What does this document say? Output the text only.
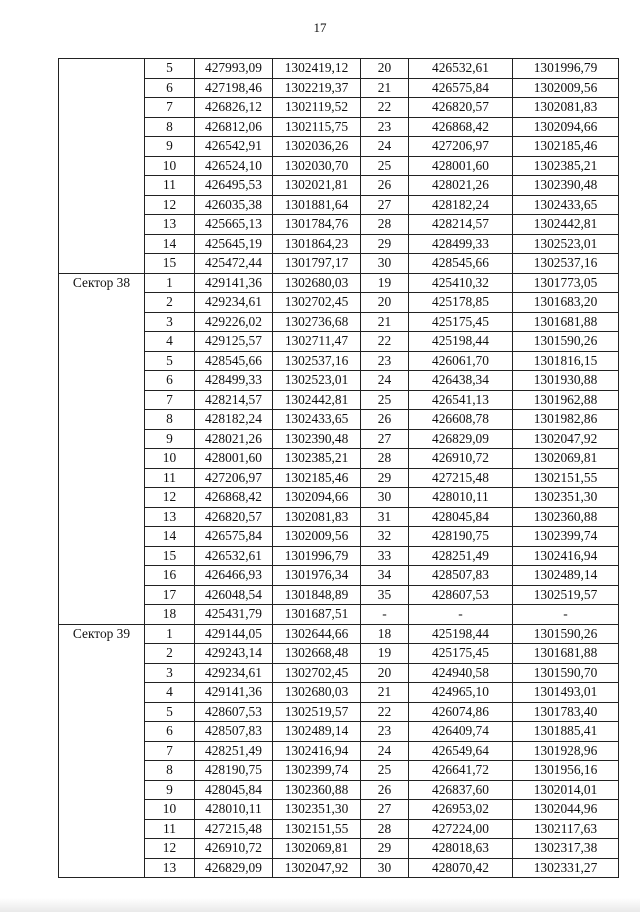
17
	5	427993,09	1302419,12	20	426532,61	1301996,79
	6	427198,46	1302219,37	21	426575,84	1302009,56
	7	426826,12	1302119,52	22	426820,57	1302081,83
	8	426812,06	1302115,75	23	426868,42	1302094,66
	9	426542,91	1302036,26	24	427206,97	1302185,46
	10	426524,10	1302030,70	25	428001,60	1302385,21
	11	426495,53	1302021,81	26	428021,26	1302390,48
	12	426035,38	1301881,64	27	428182,24	1302433,65
	13	425665,13	1301784,76	28	428214,57	1302442,81
	14	425645,19	1301864,23	29	428499,33	1302523,01
	15	425472,44	1301797,17	30	428545,66	1302537,16
Сектор 38	1	429141,36	1302680,03	19	425410,32	1301773,05
	2	429234,61	1302702,45	20	425178,85	1301683,20
	3	429226,02	1302736,68	21	425175,45	1301681,88
	4	429125,57	1302711,47	22	425198,44	1301590,26
	5	428545,66	1302537,16	23	426061,70	1301816,15
	6	428499,33	1302523,01	24	426438,34	1301930,88
	7	428214,57	1302442,81	25	426541,13	1301962,88
	8	428182,24	1302433,65	26	426608,78	1301982,86
	9	428021,26	1302390,48	27	426829,09	1302047,92
	10	428001,60	1302385,21	28	426910,72	1302069,81
	11	427206,97	1302185,46	29	427215,48	1302151,55
	12	426868,42	1302094,66	30	428010,11	1302351,30
	13	426820,57	1302081,83	31	428045,84	1302360,88
	14	426575,84	1302009,56	32	428190,75	1302399,74
	15	426532,61	1301996,79	33	428251,49	1302416,94
	16	426466,93	1301976,34	34	428507,83	1302489,14
	17	426048,54	1301848,89	35	428607,53	1302519,57
	18	425431,79	1301687,51	-	-	-
Сектор 39	1	429144,05	1302644,66	18	425198,44	1301590,26
	2	429243,14	1302668,48	19	425175,45	1301681,88
	3	429234,61	1302702,45	20	424940,58	1301590,70
	4	429141,36	1302680,03	21	424965,10	1301493,01
	5	428607,53	1302519,57	22	426074,86	1301783,40
	6	428507,83	1302489,14	23	426409,74	1301885,41
	7	428251,49	1302416,94	24	426549,64	1301928,96
	8	428190,75	1302399,74	25	426641,72	1301956,16
	9	428045,84	1302360,88	26	426837,60	1302014,01
	10	428010,11	1302351,30	27	426953,02	1302044,96
	11	427215,48	1302151,55	28	427224,00	1302117,63
	12	426910,72	1302069,81	29	428018,63	1302317,38
	13	426829,09	1302047,92	30	428070,42	1302331,27
